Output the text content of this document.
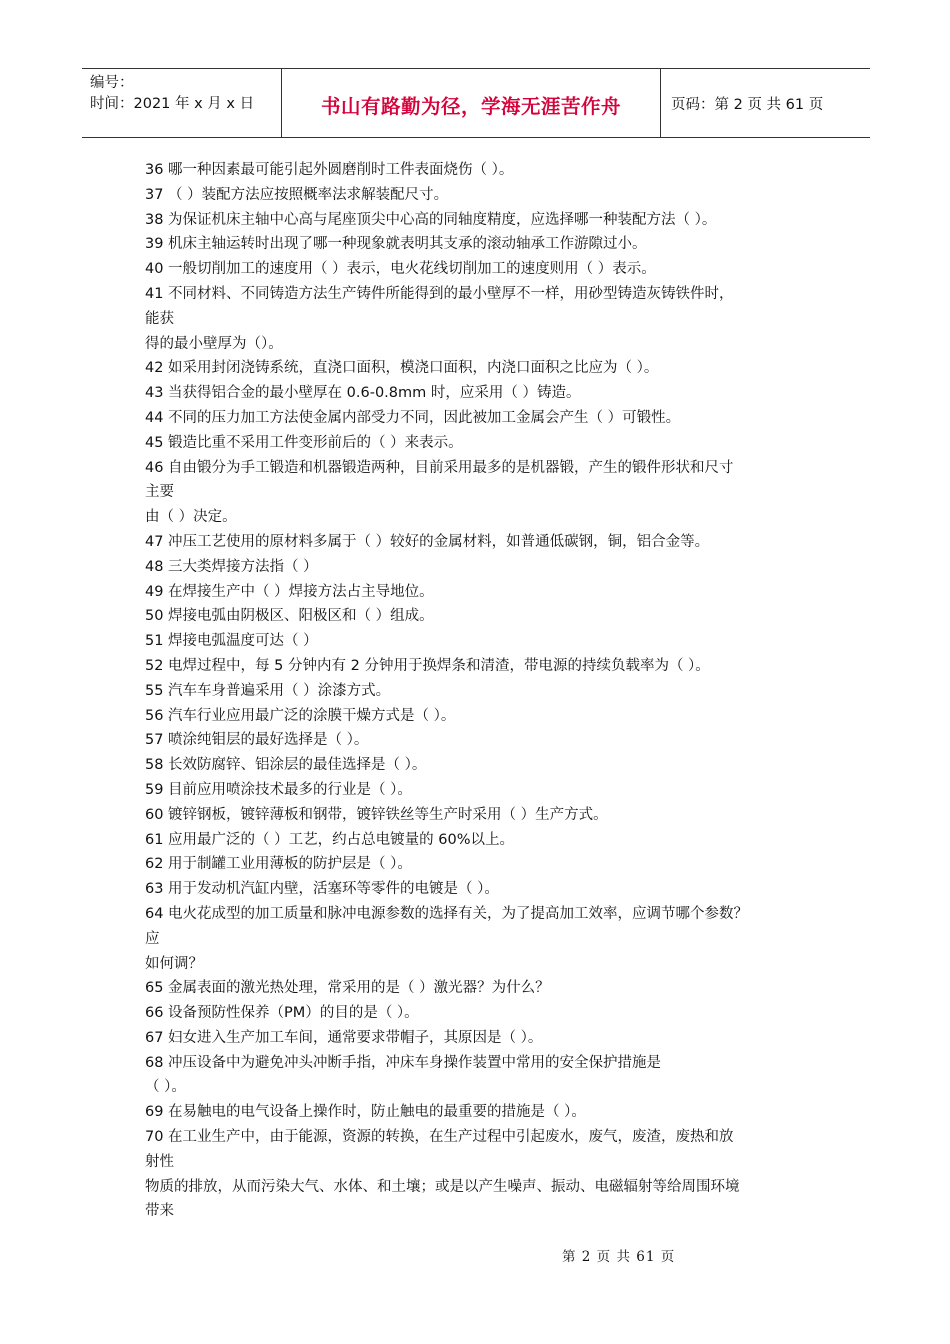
编号：
时间：2021 年 x 月 x 日	书山有路勤为径，学海无涯苦作舟	页码：第 2 页 共 61 页
36 哪一种因素最可能引起外圆磨削时工件表面烧伤（ ）。
37 （ ）装配方法应按照概率法求解装配尺寸。
38 为保证机床主轴中心高与尾座顶尖中心高的同轴度精度，应选择哪一种装配方法（ ）。
39 机床主轴运转时出现了哪一种现象就表明其支承的滚动轴承工作游隙过小。
40 一般切削加工的速度用（ ）表示，电火花线切削加工的速度则用（ ）表示。
41 不同材料、不同铸造方法生产铸件所能得到的最小壁厚不一样，用砂型铸造灰铸铁件时，
能获
得的最小壁厚为（）。
42 如采用封闭浇铸系统，直浇口面积，模浇口面积，内浇口面积之比应为（ ）。
43 当获得铝合金的最小壁厚在 0.6-0.8mm 时，应采用（ ）铸造。
44 不同的压力加工方法使金属内部受力不同，因此被加工金属会产生（ ）可锻性。
45 锻造比重不采用工件变形前后的（ ）来表示。
46 自由锻分为手工锻造和机器锻造两种，目前采用最多的是机器锻，产生的锻件形状和尺寸
主要
由（ ）决定。
47 冲压工艺使用的原材料多属于（ ）较好的金属材料，如普通低碳钢，铜，铝合金等。
48 三大类焊接方法指（ ）
49 在焊接生产中（ ）焊接方法占主导地位。
50 焊接电弧由阴极区、阳极区和（ ）组成。
51 焊接电弧温度可达（ ）
52 电焊过程中，每 5 分钟内有 2 分钟用于换焊条和清渣，带电源的持续负载率为（ ）。
55 汽车车身普遍采用（ ）涂漆方式。
56 汽车行业应用最广泛的涂膜干燥方式是（ ）。
57 喷涂纯钼层的最好选择是（ ）。
58 长效防腐锌、铝涂层的最佳选择是（ ）。
59 目前应用喷涂技术最多的行业是（ ）。
60 镀锌钢板，镀锌薄板和钢带，镀锌铁丝等生产时采用（ ）生产方式。
61 应用最广泛的（ ）工艺，约占总电镀量的 60%以上。
62 用于制罐工业用薄板的防护层是（ ）。
63 用于发动机汽缸内壁，活塞环等零件的电镀是（ ）。
64 电火花成型的加工质量和脉冲电源参数的选择有关，为了提高加工效率，应调节哪个参数？
应
如何调？
65 金属表面的激光热处理，常采用的是（ ）激光器？为什么？
66 设备预防性保养（PM）的目的是（ ）。
67 妇女进入生产加工车间，通常要求带帽子，其原因是（ ）。
68 冲压设备中为避免冲头冲断手指，冲床车身操作装置中常用的安全保护措施是
（ ）。
69 在易触电的电气设备上操作时，防止触电的最重要的措施是（ ）。
70 在工业生产中，由于能源，资源的转换，在生产过程中引起废水，废气，废渣，废热和放
射性
物质的排放，从而污染大气、水体、和土壤；或是以产生噪声、振动、电磁辐射等给周围环境
带来
第 2 页 共 61 页
